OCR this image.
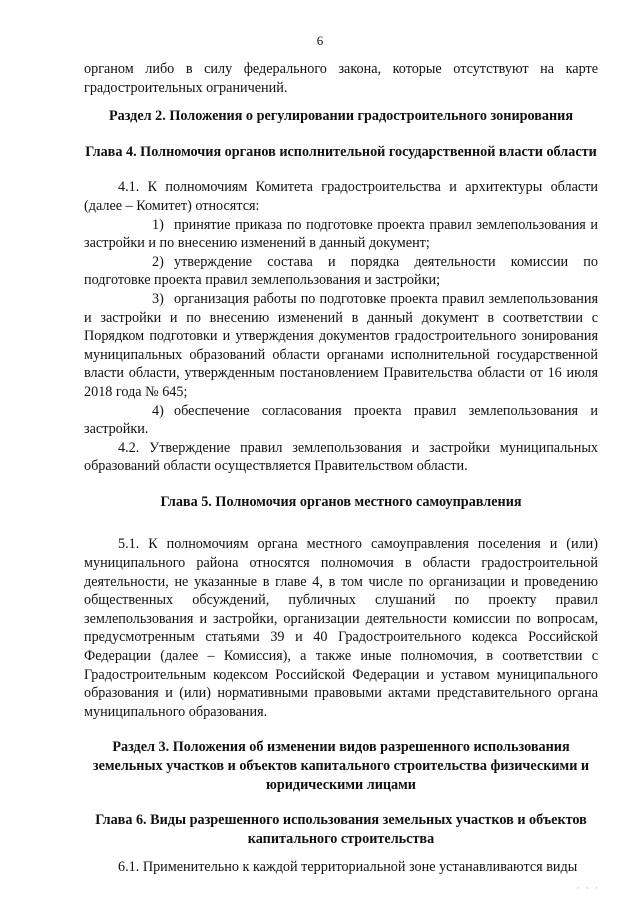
6

органом либо в силу федерального закона, которые отсутствуют на карте градостроительных ограничений.

Раздел 2. Положения о регулировании градостроительного зонирования

Глава 4. Полномочия органов исполнительной государственной власти области

4.1. К полномочиям Комитета градостроительства и архитектуры области (далее – Комитет) относятся:

1) принятие приказа по подготовке проекта правил землепользования и застройки и по внесению изменений в данный документ;

2) утверждение состава и порядка деятельности комиссии по подготовке проекта правил землепользования и застройки;

3) организация работы по подготовке проекта правил землепользования и застройки и по внесению изменений в данный документ в соответствии с Порядком подготовки и утверждения документов градостроительного зонирования муниципальных образований области органами исполнительной государственной власти области, утвержденным постановлением Правительства области от 16 июля 2018 года № 645;

4) обеспечение согласования проекта правил землепользования и застройки.

4.2. Утверждение правил землепользования и застройки муниципальных образований области осуществляется Правительством области.

Глава 5. Полномочия органов местного самоуправления

5.1. К полномочиям органа местного самоуправления поселения и (или) муниципального района относятся полномочия в области градостроительной деятельности, не указанные в главе 4, в том числе по организации и проведению общественных обсуждений, публичных слушаний по проекту правил землепользования и застройки, организации деятельности комиссии по вопросам, предусмотренным статьями 39 и 40 Градостроительного кодекса Российской Федерации (далее – Комиссия), а также иные полномочия, в соответствии с Градостроительным кодексом Российской Федерации и уставом муниципального образования и (или) нормативными правовыми актами представительного органа муниципального образования.

Раздел 3. Положения об изменении видов разрешенного использования земельных участков и объектов капитального строительства физическими и юридическими лицами

Глава 6. Виды разрешенного использования земельных участков и объектов капитального строительства

6.1. Применительно к каждой территориальной зоне устанавливаются виды

· · ·
